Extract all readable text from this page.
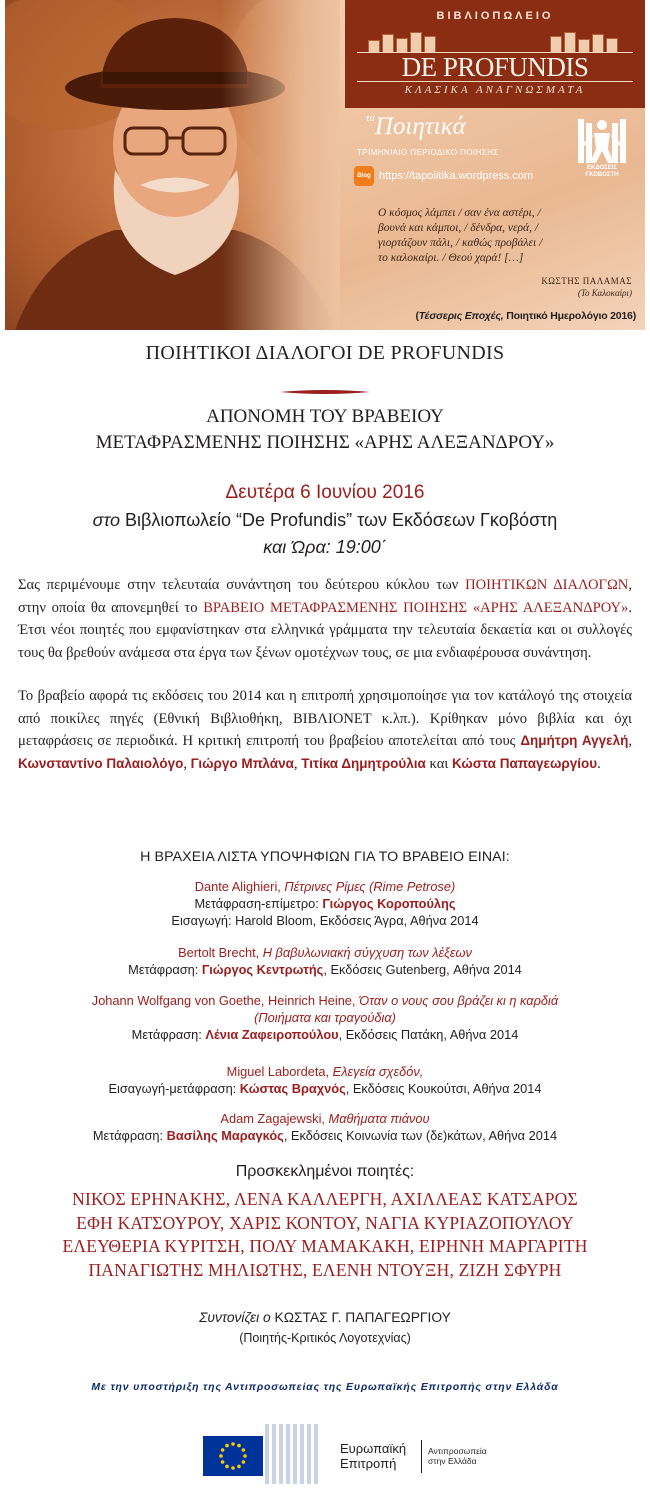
ΒΙΒΛΙΟΠΩΛΕΙΟ
DE PROFUNDIS
ΚΛΑΣΙΚΑ ΑΝΑΓΝΩΣΜΑΤΑ
$^{\tau\alpha}$Ποιητικά
ΤΡΙΜΗΝΙΑΙΟ ΠΕΡΙΟΔΙΚΟ ΠΟΙΗΣΗΣ
Blog https://tapoiitika.wordpress.com
ΕΚΔΟΣΕΙΣ ΓΚΟΒΟΣΤΗ
Ο κόσμος λάμπει / σαν ένα αστέρι, /
βουνά και κάμποι, / δένδρα, νερά, /
γιορτάζουν πάλι, / καθώς προβάλει /
το καλοκαίρι. / Θεού χαρά! […]
ΚΩΣΤΗΣ ΠΑΛΑΜΑΣ
(Το Καλοκαίρι)
(Τέσσερις Εποχές, Ποιητικό Ημερολόγιο 2016)
ΠΟΙΗΤΙΚΟΙ ΔΙΑΛΟΓΟΙ DE PROFUNDIS
ΑΠΟΝΟΜΗ ΤΟΥ ΒΡΑΒΕΙΟΥ
ΜΕΤΑΦΡΑΣΜΕΝΗΣ ΠΟΙΗΣΗΣ «ΑΡΗΣ ΑΛΕΞΑΝΔΡΟΥ»
Δευτέρα 6 Ιουνίου 2016
στο Βιβλιοπωλείο “De Profundis” των Εκδόσεων Γκοβόστη
και Ώρα: 19:00΄
Σας περιμένουμε στην τελευταία συνάντηση του δεύτερου κύκλου των ΠΟΙΗΤΙΚΩΝ ΔΙΑΛΟΓΩΝ, στην οποία θα απονεμηθεί το ΒΡΑΒΕΙΟ ΜΕΤΑΦΡΑΣΜΕΝΗΣ ΠΟΙΗΣΗΣ «ΑΡΗΣ ΑΛΕΞΑΝΔΡΟΥ». Έτσι νέοι ποιητές που εμφανίστηκαν στα ελληνικά γράμματα την τελευταία δεκαετία και οι συλλογές τους θα βρεθούν ανάμεσα στα έργα των ξένων ομοτέχνων τους, σε μια ενδιαφέρουσα συνάντηση.
Το βραβείο αφορά τις εκδόσεις του 2014 και η επιτροπή χρησιμοποίησε για τον κατάλογό της στοιχεία από ποικίλες πηγές (Εθνική Βιβλιοθήκη, ΒΙΒΛΙΟΝΕΤ κ.λπ.). Κρίθηκαν μόνο βιβλία και όχι μεταφράσεις σε περιοδικά. Η κριτική επιτροπή του βραβείου αποτελείται από τους Δημήτρη Αγγελή, Κωνσταντίνο Παλαιολόγο, Γιώργο Μπλάνα, Τιτίκα Δημητρούλια και Κώστα Παπαγεωργίου.
Η ΒΡΑΧΕΙΑ ΛΙΣΤΑ ΥΠΟΨΗΦΙΩΝ ΓΙΑ ΤΟ ΒΡΑΒΕΙΟ ΕΙΝΑΙ:
Dante Alighieri, Πέτρινες Ρίμες (Rime Petrose)
Μετάφραση-επίμετρο: Γιώργος Κοροπούλης
Εισαγωγή: Harold Bloom, Εκδόσεις Άγρα, Αθήνα 2014
Bertolt Brecht, Η βαβυλωνιακή σύγχυση των λέξεων
Μετάφραση: Γιώργος Κεντρωτής, Εκδόσεις Gutenberg, Αθήνα 2014
Johann Wolfgang von Goethe, Heinrich Heine, Όταν ο νους σου βράζει κι η καρδιά
(Ποιήματα και τραγούδια)
Μετάφραση: Λένια Ζαφειροπούλου, Εκδόσεις Πατάκη, Αθήνα 2014
Miguel Labordeta, Ελεγεία σχεδόν,
Εισαγωγή-μετάφραση: Κώστας Βραχνός, Εκδόσεις Κουκούτσι, Αθήνα 2014
Adam Zagajewski, Μαθήματα πιάνου
Μετάφραση: Βασίλης Μαραγκός, Εκδόσεις Κοινωνία των (δε)κάτων, Αθήνα 2014
Προσκεκλημένοι ποιητές:
ΝΙΚΟΣ ΕΡΗΝΑΚΗΣ, ΛΕΝΑ ΚΑΛΛΕΡΓΗ, ΑΧΙΛΛΕΑΣ ΚΑΤΣΑΡΟΣ
ΕΦΗ ΚΑΤΣΟΥΡΟΥ, ΧΑΡΙΣ ΚΟΝΤΟΥ, ΝΑΓΙΑ ΚΥΡΙΑΖΟΠΟΥΛΟΥ
ΕΛΕΥΘΕΡΙΑ ΚΥΡΙΤΣΗ, ΠΟΛΥ ΜΑΜΑΚΑΚΗ, ΕΙΡΗΝΗ ΜΑΡΓΑΡΙΤΗ
ΠΑΝΑΓΙΩΤΗΣ ΜΗΛΙΩΤΗΣ, ΕΛΕΝΗ ΝΤΟΥΞΗ, ΖΙΖΗ ΣΦΥΡΗ
Συντονίζει ο ΚΩΣΤΑΣ Γ. ΠΑΠΑΓΕΩΡΓΙΟΥ
(Ποιητής-Κριτικός Λογοτεχνίας)
Με την υποστήριξη της Αντιπροσωπείας της Ευρωπαϊκής Επιτροπής στην Ελλάδα
Ευρωπαϊκή
Επιτροπή
Αντιπροσωπεία
στην Ελλάδα
